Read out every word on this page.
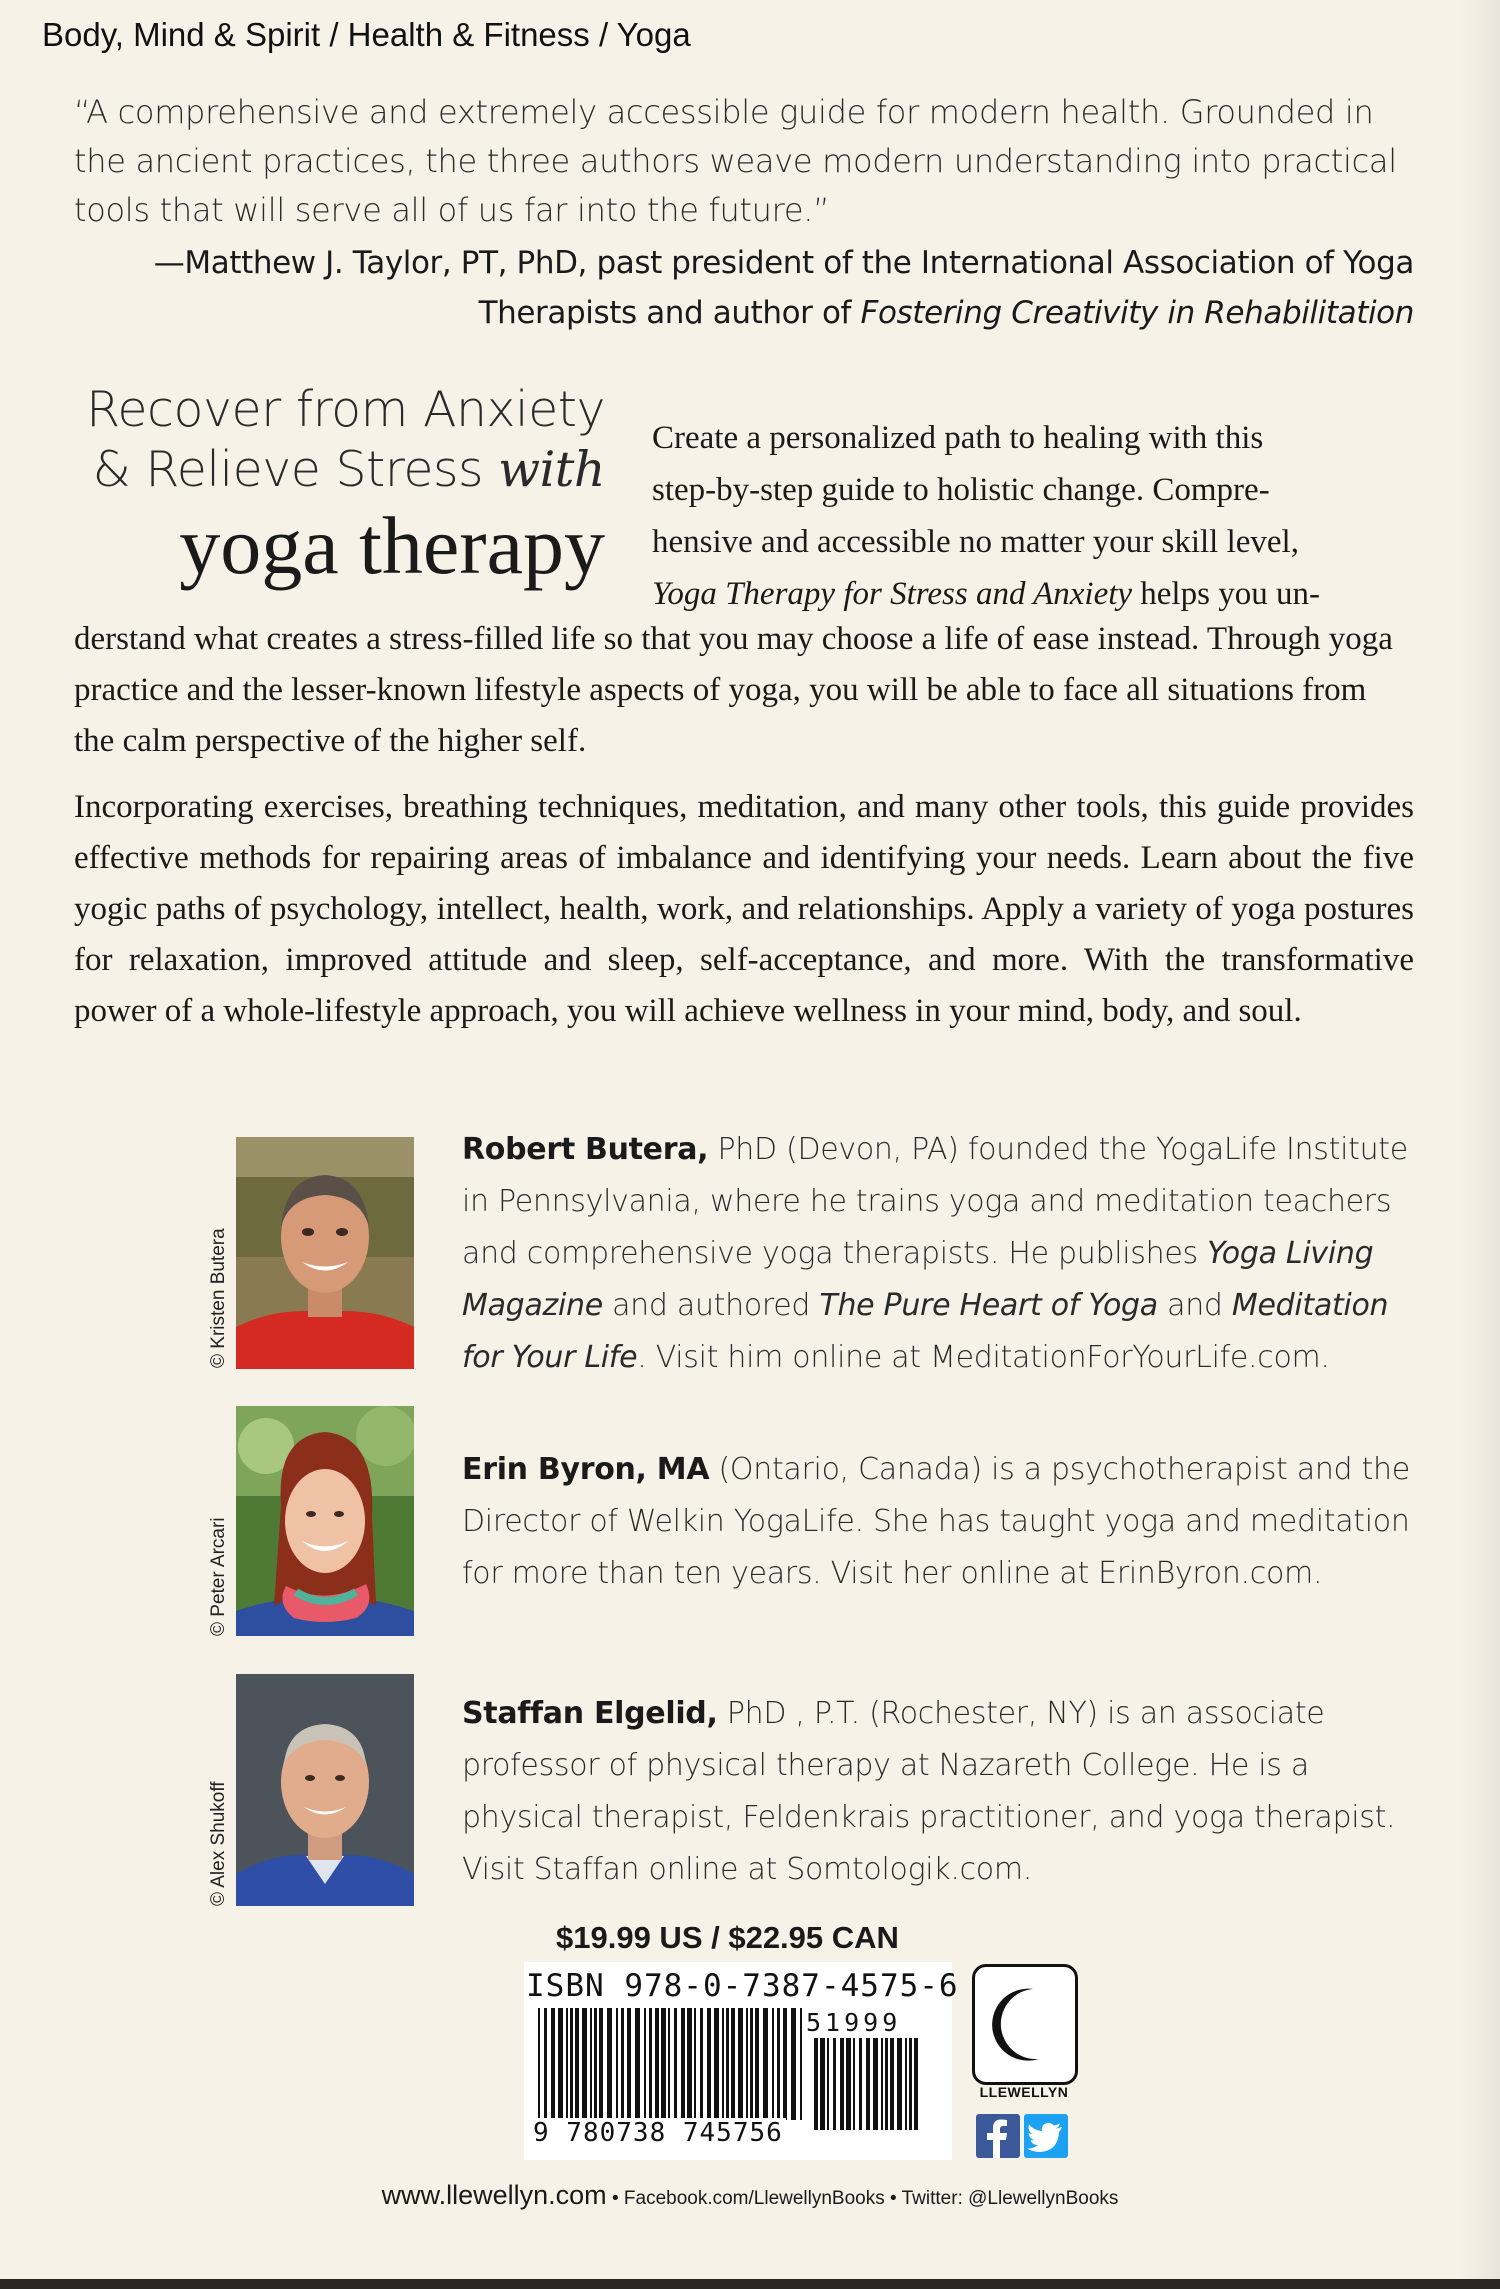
Body, Mind & Spirit / Health & Fitness / Yoga
“A comprehensive and extremely accessible guide for modern health. Grounded in the ancient practices, the three authors weave modern understanding into practical tools that will serve all of us far into the future.”
—Matthew J. Taylor, PT, PhD, past president of the International Association of Yoga
Therapists and author of Fostering Creativity in Rehabilitation
Recover from Anxiety
& Relieve Stress with
yoga therapy
Create a personalized path to healing with this
step-by-step guide to holistic change. Compre-
hensive and accessible no matter your skill level,
Yoga Therapy for Stress and Anxiety helps you un-
derstand what creates a stress-filled life so that you may choose a life of ease instead. Through yoga practice and the lesser-known lifestyle aspects of yoga, you will be able to face all situations from the calm perspective of the higher self.
Incorporating exercises, breathing techniques, meditation, and many other tools, this guide provides effective methods for repairing areas of imbalance and identifying your needs. Learn about the five yogic paths of psychology, intellect, health, work, and relationships. Apply a variety of yoga postures for relaxation, improved attitude and sleep, self-acceptance, and more. With the transformative power of a whole-lifestyle approach, you will achieve wellness in your mind, body, and soul.
© Kristen Butera
Robert Butera, PhD (Devon, PA) founded the YogaLife Institute in Pennsylvania, where he trains yoga and meditation teachers and comprehensive yoga therapists. He publishes Yoga Living Magazine and authored The Pure Heart of Yoga and Meditation for Your Life. Visit him online at MeditationForYourLife.com.
© Peter Arcari
Erin Byron, MA (Ontario, Canada) is a psychotherapist and the Director of Welkin YogaLife. She has taught yoga and meditation for more than ten years. Visit her online at ErinByron.com.
© Alex Shukoff
Staffan Elgelid, PhD , P.T. (Rochester, NY) is an associate professor of physical therapy at Nazareth College. He is a physical therapist, Feldenkrais practitioner, and yoga therapist. Visit Staffan online at Somtologik.com.
$19.99 US / $22.95 CAN
ISBN 978-0-7387-4575-6
51999
9 780738 745756
LLEWELLYN
www.llewellyn.com • Facebook.com/LlewellynBooks • Twitter: @LlewellynBooks
